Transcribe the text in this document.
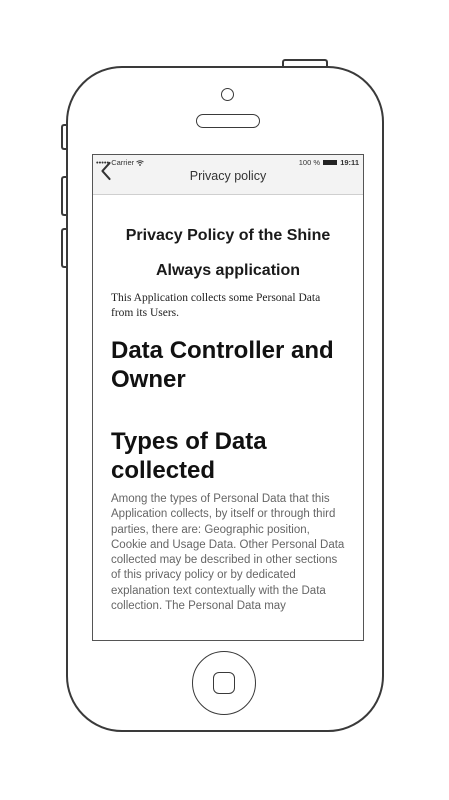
••••• Carrier	100 %	19:11
Privacy policy
Privacy Policy of the Shine
Always application
This Application collects some Personal Data from its Users.
Data Controller and Owner
Types of Data collected
Among the types of Personal Data that this Application collects, by itself or through third parties, there are: Geographic position, Cookie and Usage Data. Other Personal Data collected may be described in other sections of this privacy policy or by dedicated explanation text contextually with the Data collection. The Personal Data may
